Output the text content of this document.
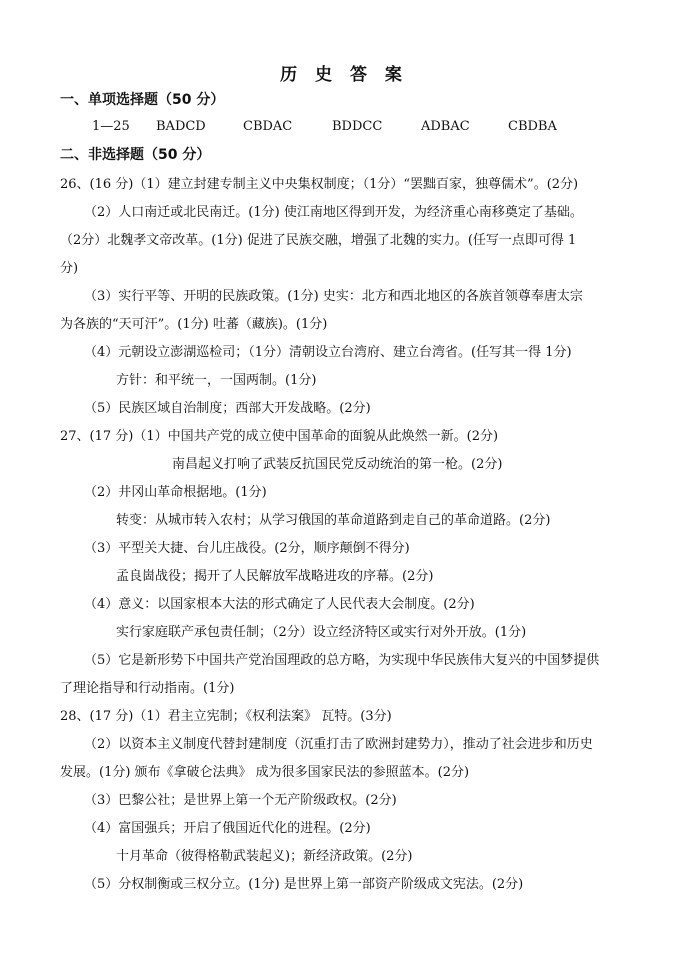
历 史 答 案
一、单项选择题（50 分）
1—25 BADCD	CBDAC	BDDCC	ADBAC	CBDBA
二、非选择题（50 分）
26、(16 分)（1）建立封建专制主义中央集权制度；（1分）“罢黜百家，独尊儒术”。(2分)
（2）人口南迁或北民南迁。(1分) 使江南地区得到开发，为经济重心南移奠定了基础。
（2分）北魏孝文帝改革。(1分) 促进了民族交融，增强了北魏的实力。(任写一点即可得 1
分)
（3）实行平等、开明的民族政策。(1分) 史实：北方和西北地区的各族首领尊奉唐太宗
为各族的“天可汗”。(1分) 吐蕃（藏族)。(1分)
（4）元朝设立澎湖巡检司；（1分）清朝设立台湾府、建立台湾省。(任写其一得 1分)
方针：和平统一，一国两制。(1分)
（5）民族区域自治制度；西部大开发战略。(2分)
27、(17 分)（1）中国共产党的成立使中国革命的面貌从此焕然一新。(2分)
南昌起义打响了武装反抗国民党反动统治的第一枪。(2分)
（2）井冈山革命根据地。(1分)
转变：从城市转入农村；从学习俄国的革命道路到走自己的革命道路。(2分)
（3）平型关大捷、台儿庄战役。(2分，顺序颠倒不得分)
孟良崮战役；揭开了人民解放军战略进攻的序幕。(2分)
（4）意义：以国家根本大法的形式确定了人民代表大会制度。(2分)
实行家庭联产承包责任制；（2分）设立经济特区或实行对外开放。(1分)
（5）它是新形势下中国共产党治国理政的总方略，为实现中华民族伟大复兴的中国梦提供
了理论指导和行动指南。(1分)
28、(17 分)（1）君主立宪制；《权利法案》 瓦特。(3分)
（2）以资本主义制度代替封建制度（沉重打击了欧洲封建势力），推动了社会进步和历史
发展。(1分) 颁布《拿破仑法典》 成为很多国家民法的参照蓝本。(2分)
（3）巴黎公社；是世界上第一个无产阶级政权。(2分)
（4）富国强兵；开启了俄国近代化的进程。(2分)
十月革命（彼得格勒武装起义)；新经济政策。(2分)
（5）分权制衡或三权分立。(1分) 是世界上第一部资产阶级成文宪法。(2分)
